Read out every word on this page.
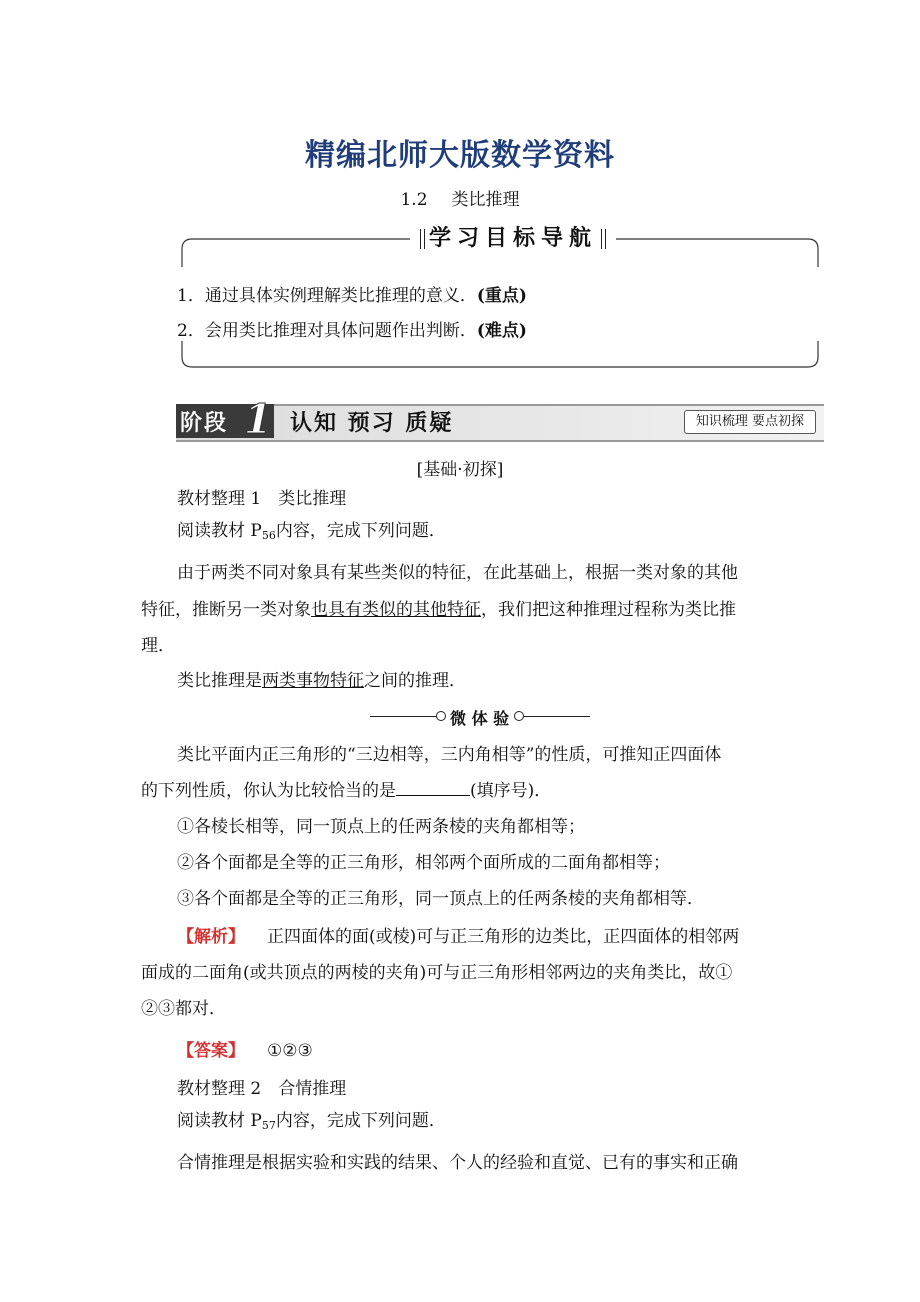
精编北师大版数学资料
1.2 类比推理
学习目标导航
1．通过具体实例理解类比推理的意义．(重点)
2．会用类比推理对具体问题作出判断．(难点)
阶段 1 认知 预习 质疑	知识梳理 要点初探
[基础·初探]
教材整理 1　类比推理
阅读教材 $P_{56}$内容，完成下列问题．
由于两类不同对象具有某些类似的特征，在此基础上，根据一类对象的其他
特征，推断另一类对象也具有类似的其他特征，我们把这种推理过程称为类比推
理．
类比推理是两类事物特征之间的推理．
微 体 验
类比平面内正三角形的“三边相等，三内角相等”的性质，可推知正四面体
的下列性质，你认为比较恰当的是	(填序号)．
①各棱长相等，同一顶点上的任两条棱的夹角都相等；
②各个面都是全等的正三角形，相邻两个面所成的二面角都相等；
③各个面都是全等的正三角形，同一顶点上的任两条棱的夹角都相等．
【解析】 正四面体的面(或棱)可与正三角形的边类比，正四面体的相邻两
面成的二面角(或共顶点的两棱的夹角)可与正三角形相邻两边的夹角类比，故①
②③都对．
【答案】 ①②③
教材整理 2　合情推理
阅读教材 $P_{57}$内容，完成下列问题．
合情推理是根据实验和实践的结果、个人的经验和直觉、已有的事实和正确
